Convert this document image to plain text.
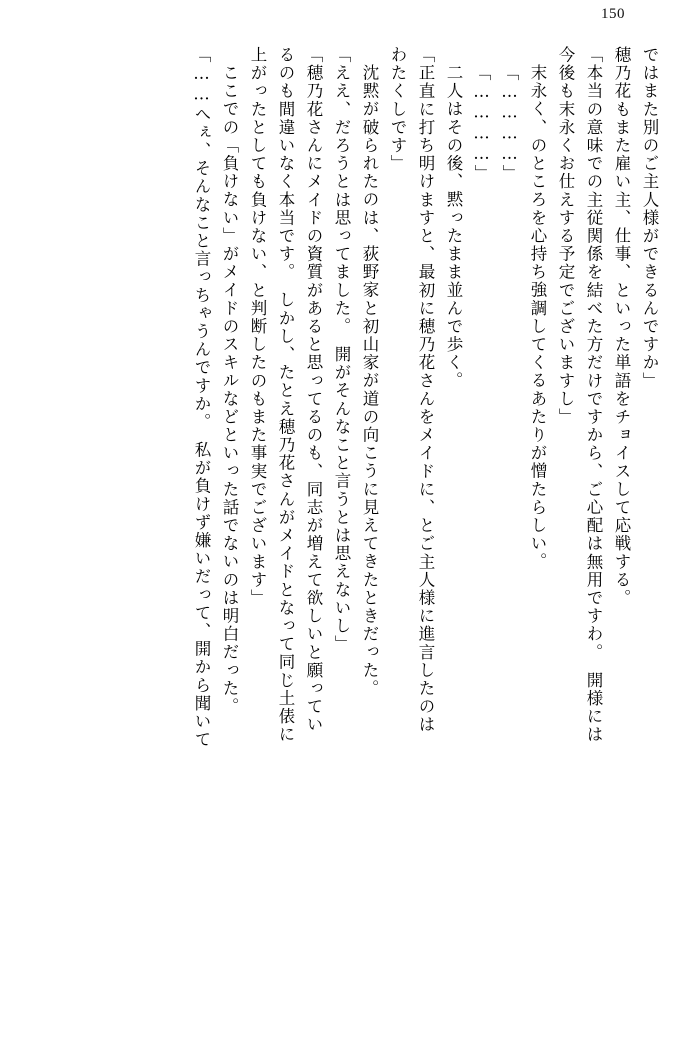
150
ではまた別のご主人様ができるんですか」
穂乃花もまた雇い主、仕事、といった単語をチョイスして応戦する。
「本当の意味での主従関係を結べた方だけですから、ご心配は無用ですわ。　開様には
今後も末永くお仕えする予定でございますし」
末永く、のところを心持ち強調してくるあたりが憎たらしい。
「…………」
「…………」
二人はその後、黙ったまま並んで歩く。
「正直に打ち明けますと、最初に穂乃花さんをメイドに、とご主人様に進言したのは
わたくしです」
沈黙が破られたのは、荻野家と初山家が道の向こうに見えてきたときだった。
「ええ、だろうとは思ってました。　開がそんなこと言うとは思えないし」
「穂乃花さんにメイドの資質があると思ってるのも、同志が増えて欲しいと願ってい
るのも間違いなく本当です。　しかし、たとえ穂乃花さんがメイドとなって同じ土俵に
上がったとしても負けない、と判断したのもまた事実でございます」
ここでの「負けない」がメイドのスキルなどといった話でないのは明白だった。
「……へぇ、そんなこと言っちゃうんですか。　私が負けず嫌いだって、開から聞いて
